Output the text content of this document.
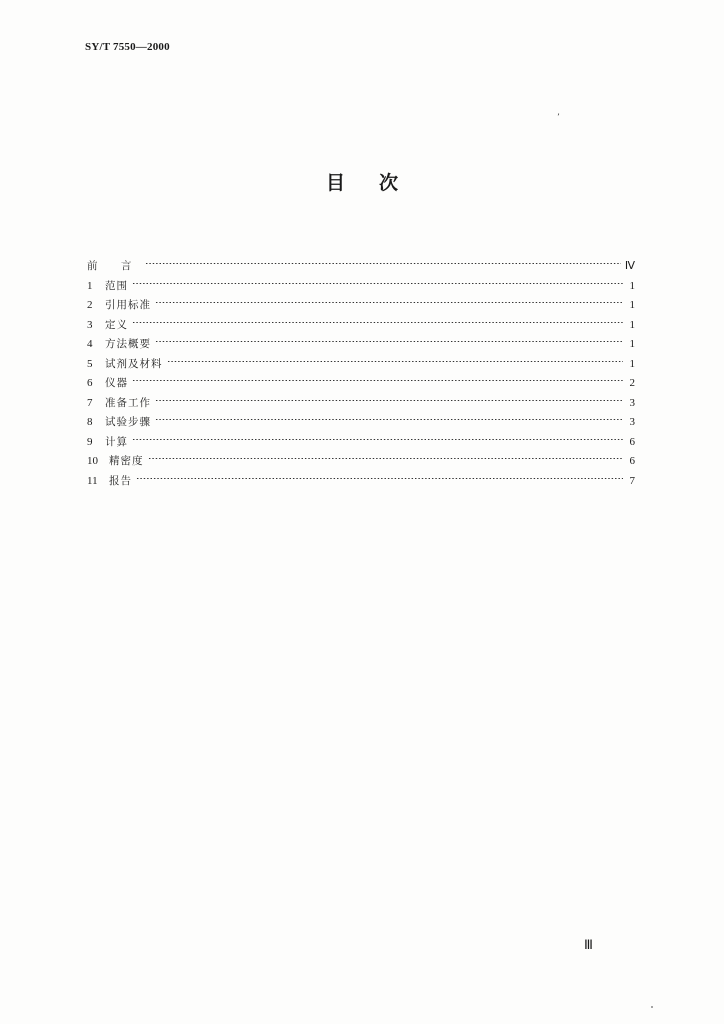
SY/T 7550—2000
ʼ
目 次
前 言	Ⅳ
1	范围	1
2	引用标准	1
3	定义	1
4	方法概要	1
5	试剂及材料	1
6	仪器	2
7	准备工作	3
8	试验步骤	3
9	计算	6
10	精密度	6
11	报告	7
Ⅲ
